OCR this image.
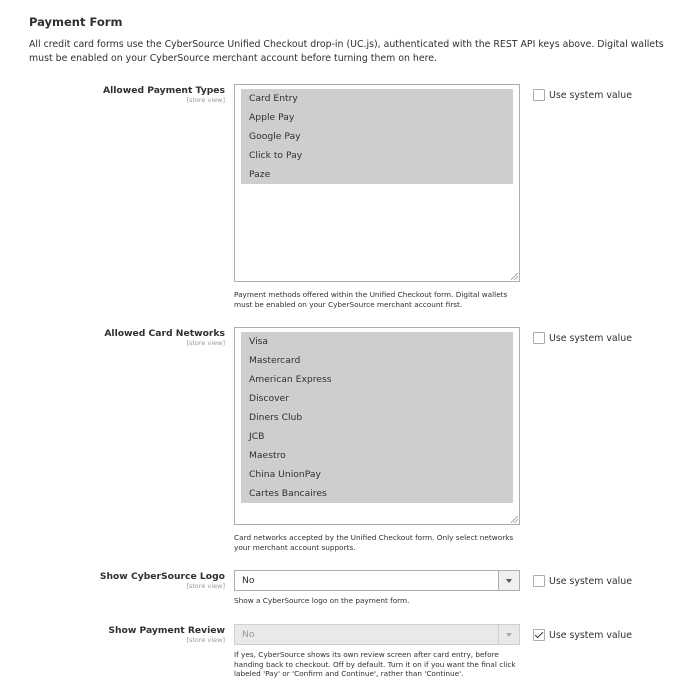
Payment Form
All credit card forms use the CyberSource Unified Checkout drop-in (UC.js), authenticated with the REST API keys above. Digital wallets must be enabled on your CyberSource merchant account before turning them on here.
Allowed Payment Types
[store view]	Card Entry
Apple Pay
Google Pay
Click to Pay
Paze
Payment methods offered within the Unified Checkout form. Digital wallets must be enabled on your CyberSource merchant account first.
Use system value
Allowed Card Networks
[store view]	Visa
Mastercard
American Express
Discover
Diners Club
JCB
Maestro
China UnionPay
Cartes Bancaires
Card networks accepted by the Unified Checkout form. Only select networks your merchant account supports.
Use system value
Show CyberSource Logo
[store view]	No
Show a CyberSource logo on the payment form.
Use system value
Show Payment Review
[store view]	No
If yes, CyberSource shows its own review screen after card entry, before handing back to checkout. Off by default. Turn it on if you want the final click labeled 'Pay' or 'Confirm and Continue', rather than 'Continue'.
Use system value
